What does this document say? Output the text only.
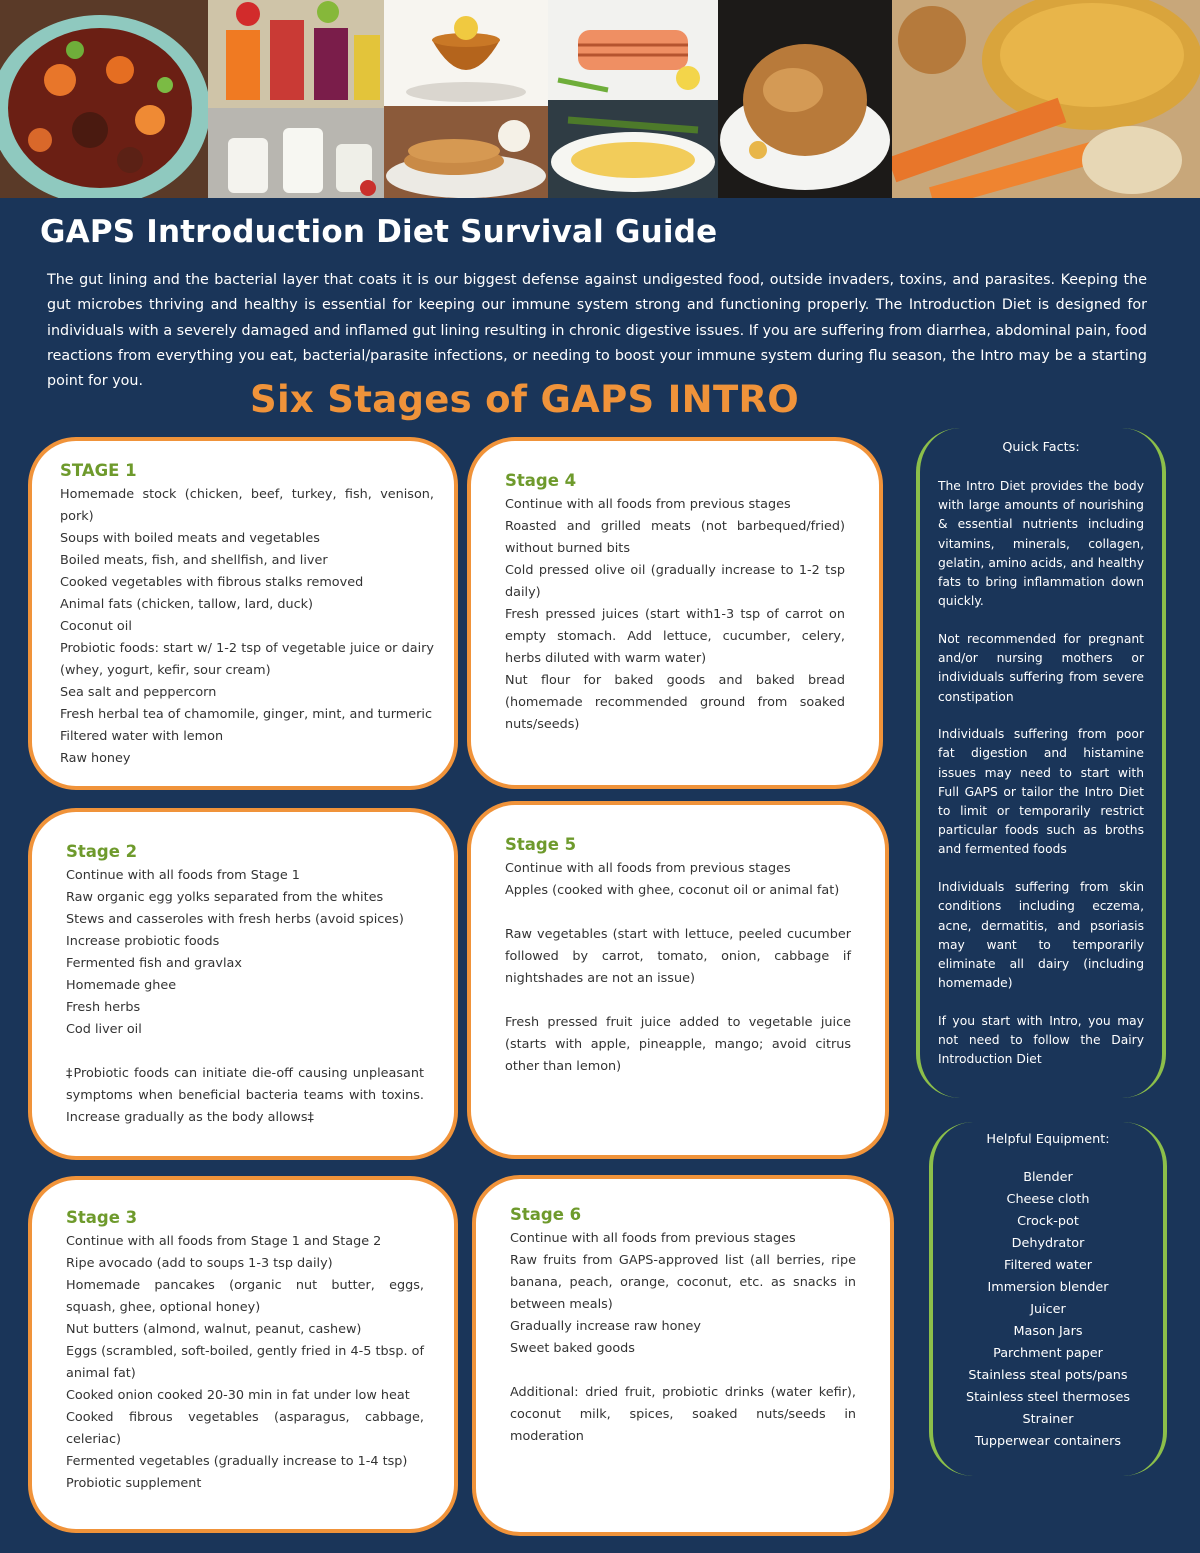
GAPS Introduction Diet Survival Guide

The gut lining and the bacterial layer that coats it is our biggest defense against undigested food, outside invaders, toxins, and parasites. Keeping the gut microbes thriving and healthy is essential for keeping our immune system strong and functioning properly. The Introduction Diet is designed for individuals with a severely damaged and inflamed gut lining resulting in chronic digestive issues. If you are suffering from diarrhea, abdominal pain, food reactions from everything you eat, bacterial/parasite infections, or needing to boost your immune system during flu season, the Intro may be a starting point for you.	Six Stages of GAPS INTRO
STAGE 1
Homemade stock (chicken, beef, turkey, fish, venison, pork)
Soups with boiled meats and vegetables
Boiled meats, fish, and shellfish, and liver
Cooked vegetables with fibrous stalks removed
Animal fats (chicken, tallow, lard, duck)
Coconut oil
Probiotic foods: start w/ 1-2 tsp of vegetable juice or dairy (whey, yogurt, kefir, sour cream)
Sea salt and peppercorn
Fresh herbal tea of chamomile, ginger, mint, and turmeric
Filtered water with lemon
Raw honey
Stage 4
Continue with all foods from previous stages
Roasted and grilled meats (not barbequed/fried) without burned bits
Cold pressed olive oil (gradually increase to 1-2 tsp daily)
Fresh pressed juices (start with1-3 tsp of carrot on empty stomach. Add lettuce, cucumber, celery, herbs diluted with warm water)
Nut flour for baked goods and baked bread (homemade recommended ground from soaked nuts/seeds)
Stage 2
Continue with all foods from Stage 1
Raw organic egg yolks separated from the whites
Stews and casseroles with fresh herbs (avoid spices)
Increase probiotic foods
Fermented fish and gravlax
Homemade ghee
Fresh herbs
Cod liver oil

‡Probiotic foods can initiate die-off causing unpleasant symptoms when beneficial bacteria teams with toxins. Increase gradually as the body allows‡

Stage 5
Continue with all foods from previous stages
Apples (cooked with ghee, coconut oil or animal fat)
Raw vegetables (start with lettuce, peeled cucumber followed by carrot, tomato, onion, cabbage if nightshades are not an issue)
Fresh pressed fruit juice added to vegetable juice (starts with apple, pineapple, mango; avoid citrus other than lemon)
Stage 3
Continue with all foods from Stage 1 and Stage 2
Ripe avocado (add to soups 1-3 tsp daily)
Homemade pancakes (organic nut butter, eggs, squash, ghee, optional honey)
Nut butters (almond, walnut, peanut, cashew)
Eggs (scrambled, soft-boiled, gently fried in 4-5 tbsp. of animal fat)
Cooked onion cooked 20-30 min in fat under low heat
Cooked fibrous vegetables (asparagus, cabbage, celeriac)
Fermented vegetables (gradually increase to 1-4 tsp)
Probiotic supplement
Stage 6
Continue with all foods from previous stages
Raw fruits from GAPS-approved list (all berries, ripe banana, peach, orange, coconut, etc. as snacks in between meals)
Gradually increase raw honey
Sweet baked goods
Additional: dried fruit, probiotic drinks (water kefir), coconut milk, spices, soaked nuts/seeds in moderation
Quick Facts:

The Intro Diet provides the body with large amounts of nourishing & essential nutrients including vitamins, minerals, collagen, gelatin, amino acids, and healthy fats to bring inflammation down quickly.

Not recommended for pregnant and/or nursing mothers or individuals suffering from severe constipation

Individuals suffering from poor fat digestion and histamine issues may need to start with Full GAPS or tailor the Intro Diet to limit or temporarily restrict particular foods such as broths and fermented foods

Individuals suffering from skin conditions including eczema, acne, dermatitis, and psoriasis may want to temporarily eliminate all dairy (including homemade)

If you start with Intro, you may not need to follow the Dairy Introduction Diet

Helpful Equipment:
Blender
Cheese cloth
Crock-pot
Dehydrator
Filtered water
Immersion blender
Juicer
Mason Jars
Parchment paper
Stainless steal pots/pans
Stainless steel thermoses
Strainer
Tupperwear containers
